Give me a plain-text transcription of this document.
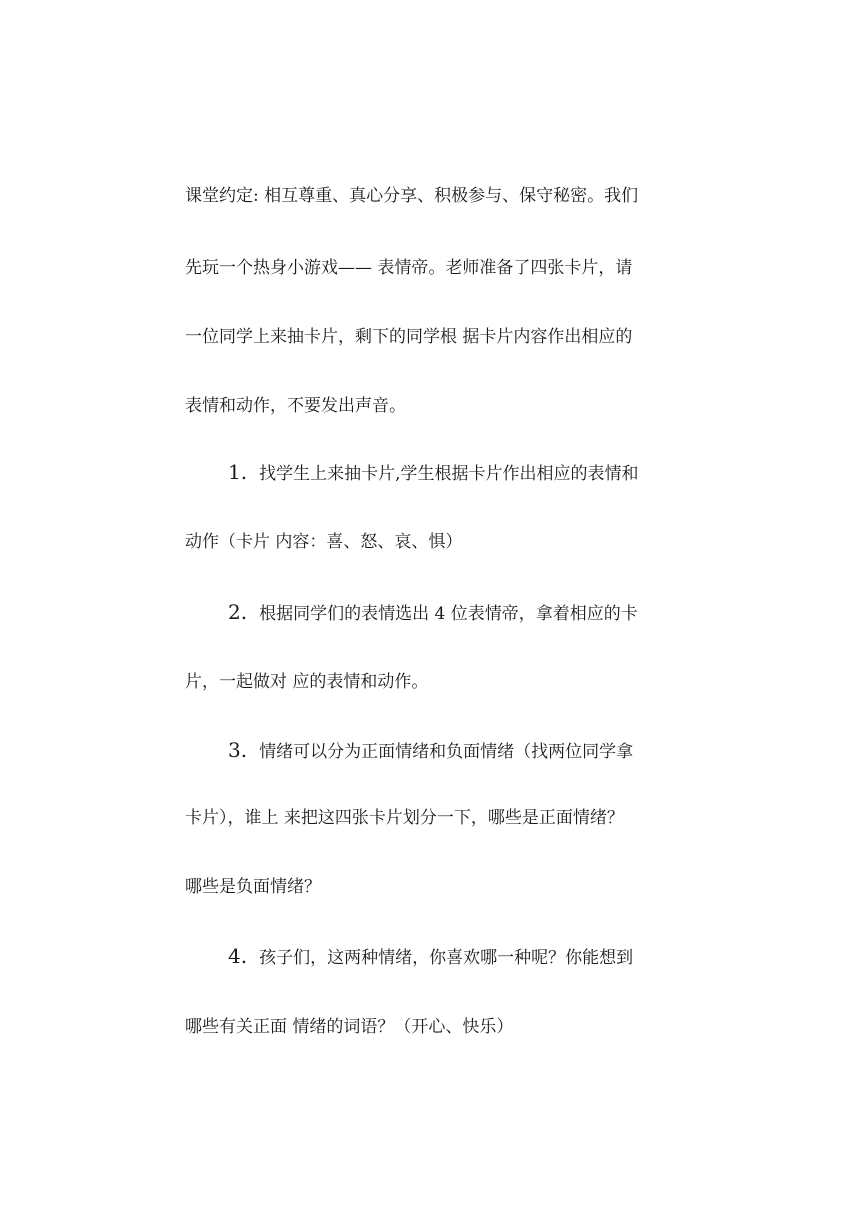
课堂约定: 相互尊重、真心分享、积极参与、保守秘密。我们
先玩一个热身小游戏—— 表情帝。老师准备了四张卡片，请
一位同学上来抽卡片，剩下的同学根 据卡片内容作出相应的
表情和动作，不要发出声音。
1. 找学生上来抽卡片,学生根据卡片作出相应的表情和
动作（卡片 内容：喜、怒、哀、惧）
2. 根据同学们的表情选出 4 位表情帝，拿着相应的卡
片，一起做对 应的表情和动作。
3. 情绪可以分为正面情绪和负面情绪（找两位同学拿
卡片），谁上 来把这四张卡片划分一下，哪些是正面情绪？
哪些是负面情绪？
4. 孩子们，这两种情绪，你喜欢哪一种呢？你能想到
哪些有关正面 情绪的词语？（开心、快乐）
